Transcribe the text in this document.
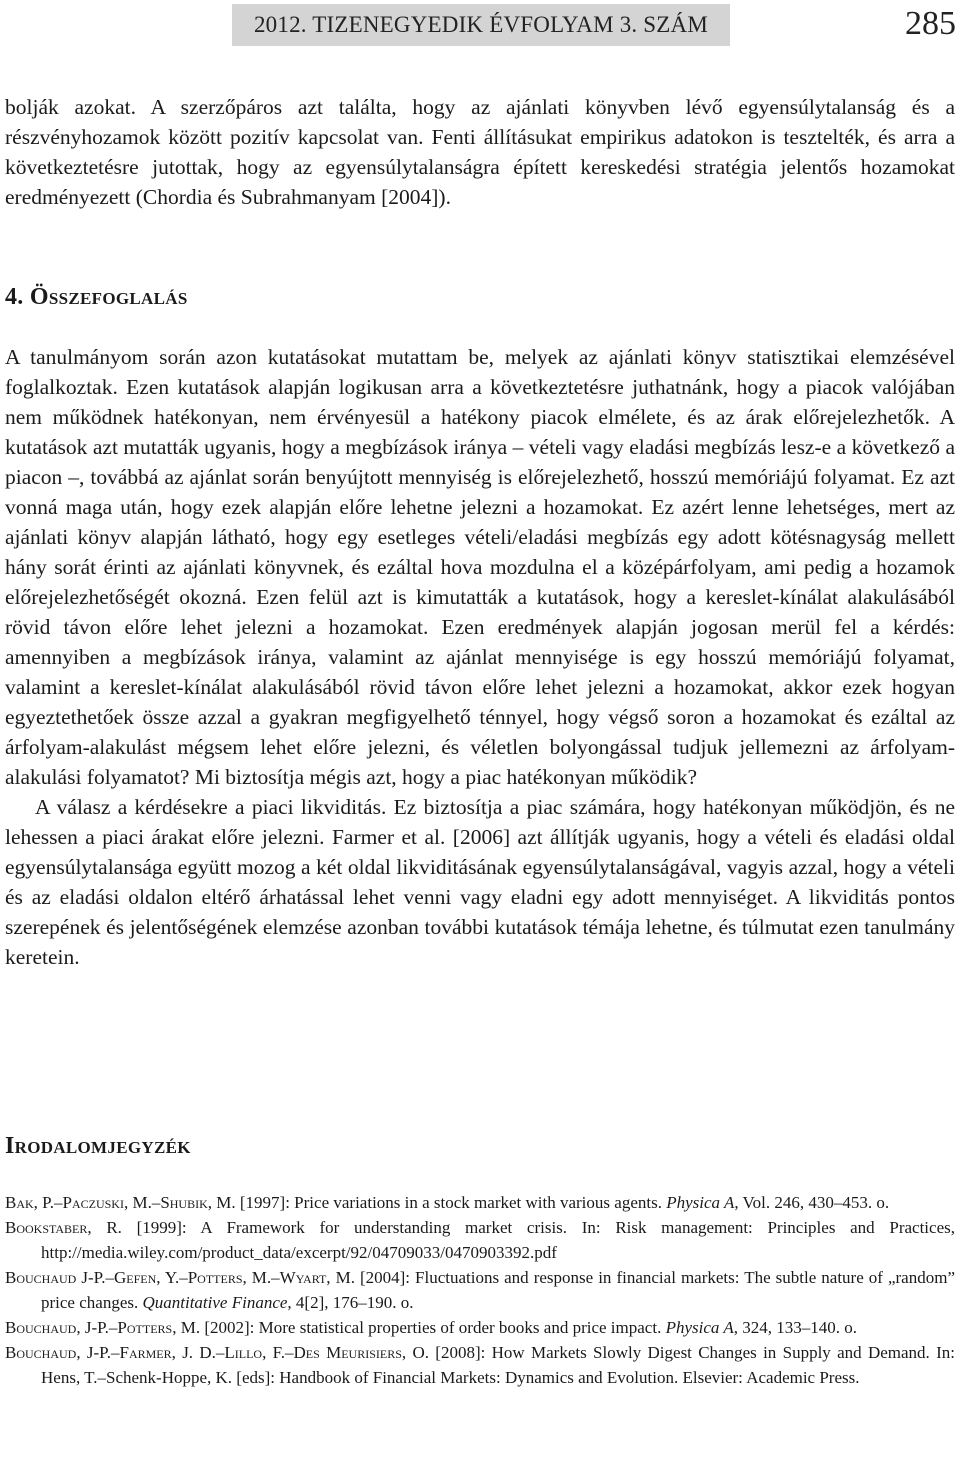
2012. TIZENEGYEDIK ÉVFOLYAM 3. SZÁM	285

bolják azokat. A szerzőpáros azt találta, hogy az ajánlati könyvben lévő egyensúlytalanság és a részvényhozamok között pozitív kapcsolat van. Fenti állításukat empirikus adatokon is tesztelték, és arra a következtetésre jutottak, hogy az egyensúlytalanságra épített kereskedési stratégia jelentős hozamokat eredményezett (Chordia és Subrahmanyam [2004]).

4. Összefoglalás

A tanulmányom során azon kutatásokat mutattam be, melyek az ajánlati könyv statisztikai elemzésével foglalkoztak. Ezen kutatások alapján logikusan arra a következtetésre juthatnánk, hogy a piacok valójában nem működnek hatékonyan, nem érvényesül a hatékony piacok elmélete, és az árak előrejelezhetők. A kutatások azt mutatták ugyanis, hogy a megbízások iránya – vételi vagy eladási megbízás lesz-e a következő a piacon –, továbbá az ajánlat során benyújtott mennyiség is előrejelezhető, hosszú memóriájú folyamat. Ez azt vonná maga után, hogy ezek alapján előre lehetne jelezni a hozamokat. Ez azért lenne lehetséges, mert az ajánlati könyv alapján látható, hogy egy esetleges vételi/eladási megbízás egy adott kötésnagyság mellett hány sorát érinti az ajánlati könyvnek, és ezáltal hova mozdulna el a középárfolyam, ami pedig a hozamok előrejelezhetőségét okozná. Ezen felül azt is kimutatták a kutatások, hogy a kereslet-kínálat alakulásából rövid távon előre lehet jelezni a hozamokat. Ezen eredmények alapján jogosan merül fel a kérdés: amennyiben a megbízások iránya, valamint az ajánlat mennyisége is egy hosszú memóriájú folyamat, valamint a kereslet-kínálat alakulásából rövid távon előre lehet jelezni a hozamokat, akkor ezek hogyan egyeztethetőek össze azzal a gyakran megfigyelhető ténnyel, hogy végső soron a hozamokat és ezáltal az árfolyam-alakulást mégsem lehet előre jelezni, és véletlen bolyongással tudjuk jellemezni az árfolyam-alakulási folyamatot? Mi biztosítja mégis azt, hogy a piac hatékonyan működik?

A válasz a kérdésekre a piaci likviditás. Ez biztosítja a piac számára, hogy hatékonyan működjön, és ne lehessen a piaci árakat előre jelezni. Farmer et al. [2006] azt állítják ugyanis, hogy a vételi és eladási oldal egyensúlytalansága együtt mozog a két oldal likviditásának egyensúlytalanságával, vagyis azzal, hogy a vételi és az eladási oldalon eltérő árhatással lehet venni vagy eladni egy adott mennyiséget. A likviditás pontos szerepének és jelentőségének elemzése azonban további kutatások témája lehetne, és túlmutat ezen tanulmány keretein.

Irodalomjegyzék
Bak, P.–Paczuski, M.–Shubik, M. [1997]: Price variations in a stock market with various agents. Physica A, Vol. 246, 430–453. o.
Bookstaber, R. [1999]: A Framework for understanding market crisis. In: Risk management: Principles and Practices, http://media.wiley.com/product_data/excerpt/92/04709033/0470903392.pdf
Bouchaud J-P.–Gefen, Y.–Potters, M.–Wyart, M. [2004]: Fluctuations and response in financial markets: The subtle nature of „random” price changes. Quantitative Finance, 4[2], 176–190. o.
Bouchaud, J-P.–Potters, M. [2002]: More statistical properties of order books and price impact. Physica A, 324, 133–140. o.
Bouchaud, J-P.–Farmer, J. D.–Lillo, F.–Des Meurisiers, O. [2008]: How Markets Slowly Digest Changes in Supply and Demand. In: Hens, T.–Schenk-Hoppe, K. [eds]: Handbook of Financial Markets: Dynamics and Evolution. Elsevier: Academic Press.
